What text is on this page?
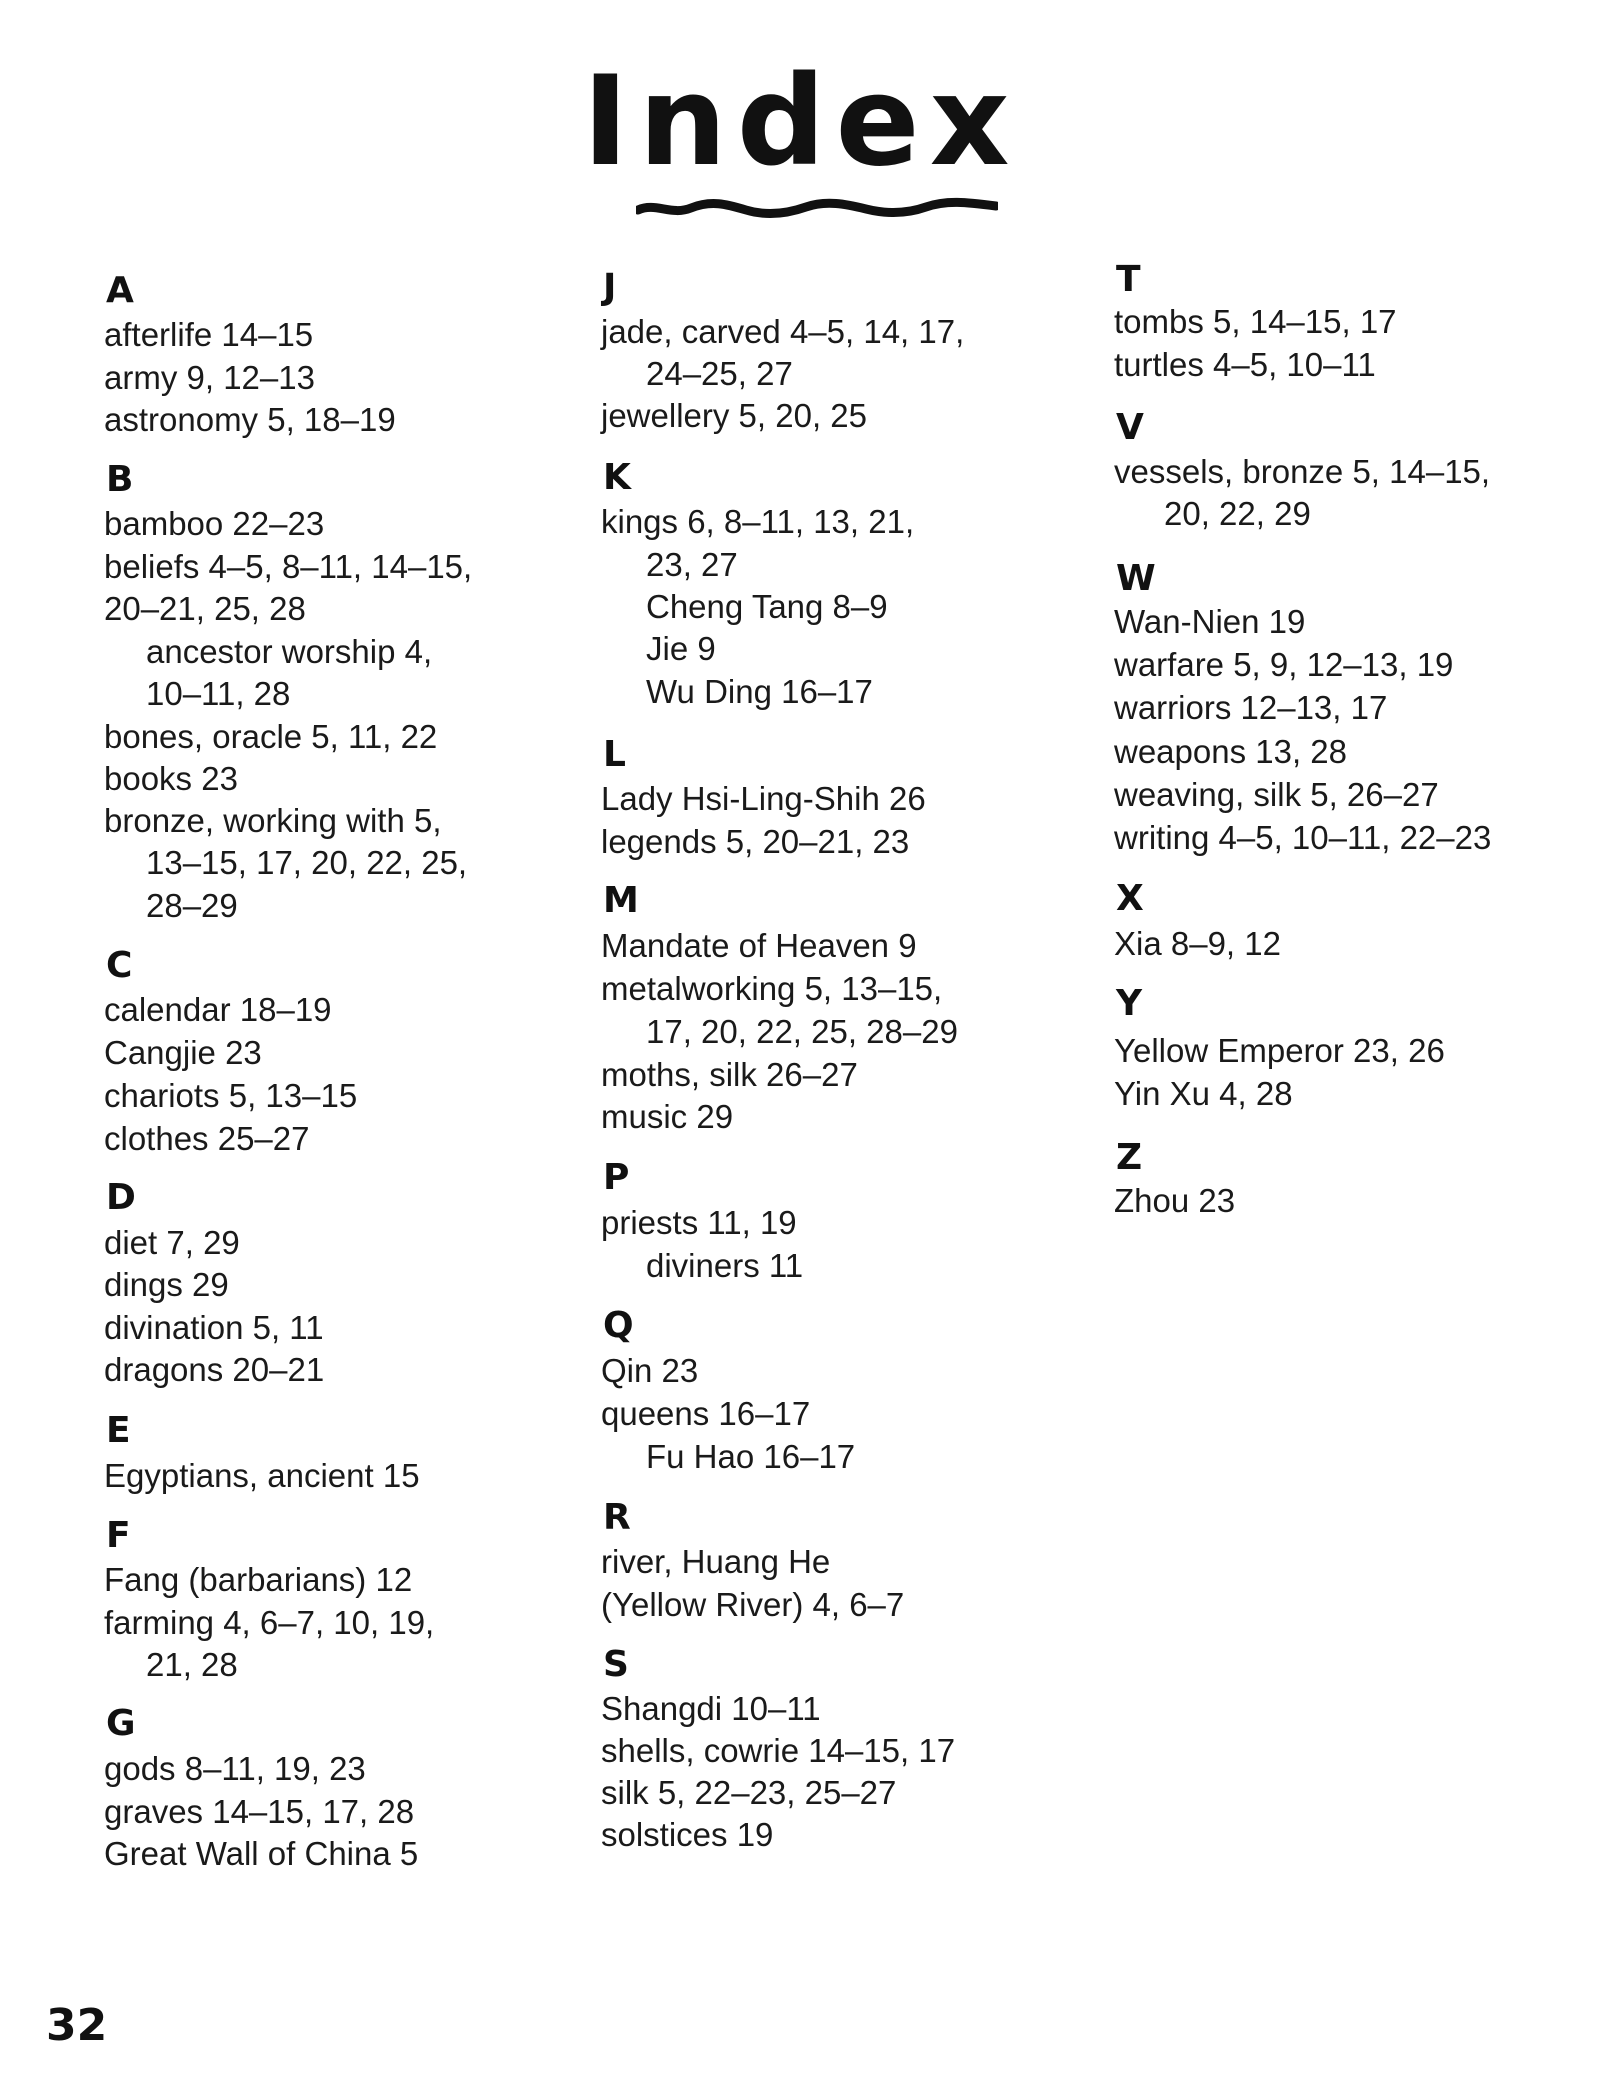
Index
A
afterlife 14–15
army 9, 12–13
astronomy 5, 18–19
B
bamboo 22–23
beliefs 4–5, 8–11, 14–15,
20–21, 25, 28
ancestor worship 4,
10–11, 28
bones, oracle 5, 11, 22
books 23
bronze, working with 5,
13–15, 17, 20, 22, 25,
28–29
C
calendar 18–19
Cangjie 23
chariots 5, 13–15
clothes 25–27
D
diet 7, 29
dings 29
divination 5, 11
dragons 20–21
E
Egyptians, ancient 15
F
Fang (barbarians) 12
farming 4, 6–7, 10, 19,
21, 28
G
gods 8–11, 19, 23
graves 14–15, 17, 28
Great Wall of China 5
J
jade, carved 4–5, 14, 17,
24–25, 27
jewellery 5, 20, 25
K
kings 6, 8–11, 13, 21,
23, 27
Cheng Tang 8–9
Jie 9
Wu Ding 16–17
L
Lady Hsi-Ling-Shih 26
legends 5, 20–21, 23
M
Mandate of Heaven 9
metalworking 5, 13–15,
17, 20, 22, 25, 28–29
moths, silk 26–27
music 29
P
priests 11, 19
diviners 11
Q
Qin 23
queens 16–17
Fu Hao 16–17
R
river, Huang He
(Yellow River) 4, 6–7
S
Shangdi 10–11
shells, cowrie 14–15, 17
silk 5, 22–23, 25–27
solstices 19
T
tombs 5, 14–15, 17
turtles 4–5, 10–11
V
vessels, bronze 5, 14–15,
20, 22, 29
W
Wan-Nien 19
warfare 5, 9, 12–13, 19
warriors 12–13, 17
weapons 13, 28
weaving, silk 5, 26–27
writing 4–5, 10–11, 22–23
X
Xia 8–9, 12
Y
Yellow Emperor 23, 26
Yin Xu 4, 28
Z
Zhou 23
32
